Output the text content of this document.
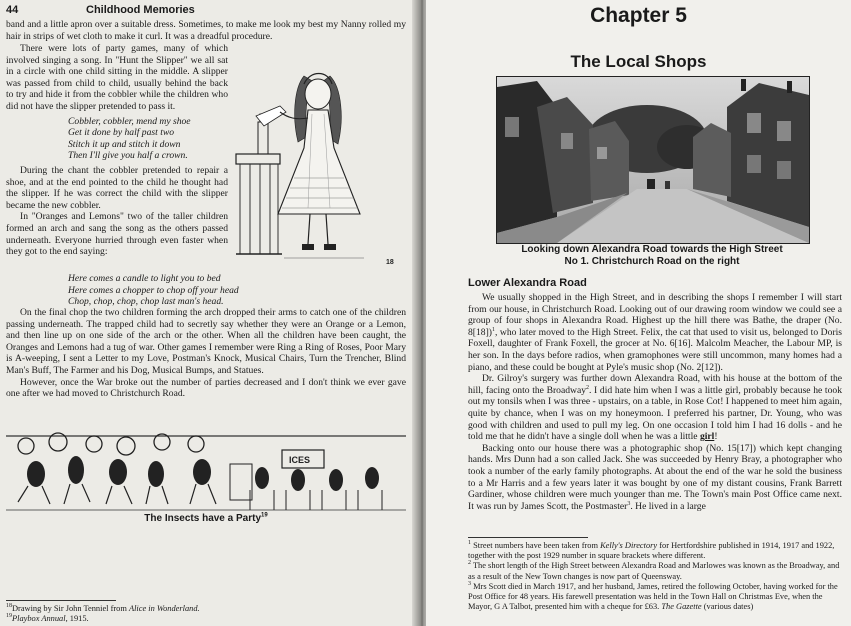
44	Childhood Memories

band and a little apron over a suitable dress. Sometimes, to make me look my best my Nanny rolled my hair in strips of wet cloth to make it curl. It was a dreadful procedure.

There were lots of party games, many of which involved singing a song. In "Hunt the Slipper" we all sat in a circle with one child sitting in the middle. A slipper was passed from child to child, usually behind the back to try and hide it from the cobbler while the children who did not have the slipper pretended to pass it.

Cobbler, cobbler, mend my shoe
Get it done by half past two
Stitch it up and stitch it down
Then I'll give you half a crown.

During the chant the cobbler pretended to repair a shoe, and at the end pointed to the child he thought had the slipper. If he was correct the child with the slipper became the new cobbler.

In "Oranges and Lemons" two of the taller children formed an arch and sang the song as the others passed underneath. Everyone hurried through even faster when they got to the end saying:

Here comes a candle to light you to bed
Here comes a chopper to chop off your head
Chop, chop, chop, chop last man's head.

On the final chop the two children forming the arch dropped their arms to catch one of the children passing underneath. The trapped child had to secretly say whether they were an Orange or a Lemon, and then line up on one side of the arch or the other. When all the children have been caught, the Oranges and Lemons had a tug of war. Other games I remember were Ring a Ring of Roses, Poor Mary is A-weeping, I sent a Letter to my Love, Postman's Knock, Musical Chairs, Turn the Trencher, Blind Man's Buff, The Farmer and his Dog, Musical Bumps, and Statues.

However, once the War broke out the number of parties decreased and I don't think we ever gave one after we had moved to Christchurch Road.

18
ICES
The Insects have a Party$^{19}$

$^{18}$Drawing by Sir John Tenniel from Alice in Wonderland.

$^{19}$Playbox Annual, 1915.

Chapter 5
The Local Shops
Looking down Alexandra Road towards the High Street
No 1. Christchurch Road on the right
Lower Alexandra Road

We usually shopped in the High Street, and in describing the shops I remember I will start from our house, in Christchurch Road. Looking out of our drawing room window we could see a group of four shops in Alexandra Road. Highest up the hill there was Bathe, the draper (No. 8[18])$^1$, who later moved to the High Street. Felix, the cat that used to visit us, belonged to Doris Foxell, daughter of Frank Foxell, the grocer at No. 6[16]. Malcolm Meacher, the Labour MP, is her son. In the days before radios, when gramophones were still uncommon, many homes had a piano, and these could be bought at Pyle's music shop (No. 2[12]).

Dr. Gilroy's surgery was further down Alexandra Road, with his house at the bottom of the hill, facing onto the Broadway$^2$. I did hate him when I was a little girl, probably because he took out my tonsils when I was three - upstairs, on a table, in Rose Cot! I happened to meet him again, quite by chance, when I was on my honeymoon. I preferred his partner, Dr. Young, who was good with children and used to pull my leg. On one occasion I told him I had 16 dolls - and he told me that he didn't have a single doll when he was a little girl!

Backing onto our house there was a photographic shop (No. 15[17]) which kept changing hands. Mrs Dunn had a son called Jack. She was succeeded by Henry Bray, a photographer who took a number of the early family photographs. At about the end of the war he sold the business to a Mr Harris and a few years later it was bought by one of my distant cousins, Frank Barrett Gardiner, whose children were much younger than me. The Town's main Post Office came next. It was run by James Scott, the Postmaster$^3$. He lived in a large

$^1$ Street numbers have been taken from Kelly's Directory for Hertfordshire published in 1914, 1917 and 1922, together with the post 1929 number in square brackets where different.

$^2$ The short length of the High Street between Alexandra Road and Marlowes was known as the Broadway, and as a result of the New Town changes is now part of Queensway.

$^3$ Mrs Scott died in March 1917, and her husband, James, retired the following October, having worked for the Post Office for 48 years. His farewell presentation was held in the Town Hall on Christmas Eve, when the Mayor, G A Talbot, presented him with a cheque for £63. The Gazette (various dates)
